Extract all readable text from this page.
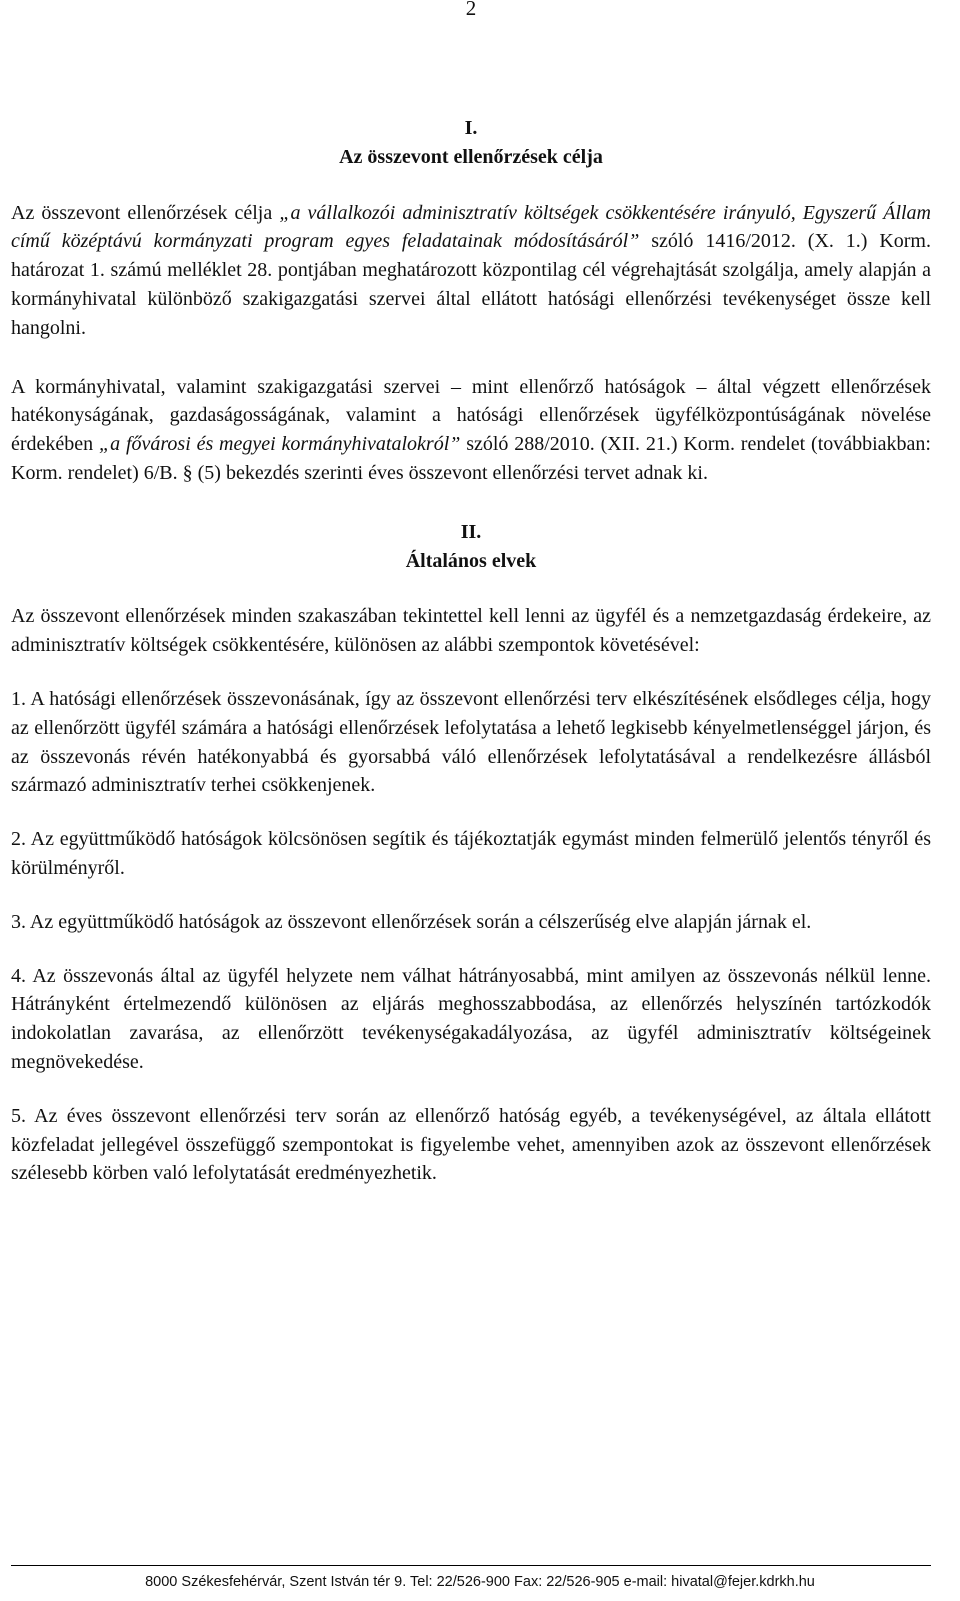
2
I.
Az összevont ellenőrzések célja

Az összevont ellenőrzések célja „a vállalkozói adminisztratív költségek csökkentésére irányuló, Egyszerű Állam című középtávú kormányzati program egyes feladatainak módosításáról” szóló 1416/2012. (X. 1.) Korm. határozat 1. számú melléklet 28. pontjában meghatározott központilag cél végrehajtását szolgálja, amely alapján a kormányhivatal különböző szakigazgatási szervei által ellátott hatósági ellenőrzési tevékenységet össze kell hangolni.

A kormányhivatal, valamint szakigazgatási szervei – mint ellenőrző hatóságok – által végzett ellenőrzések hatékonyságának, gazdaságosságának, valamint a hatósági ellenőrzések ügyfélközpontúságának növelése érdekében „a fővárosi és megyei kormányhivatalokról” szóló 288/2010. (XII. 21.) Korm. rendelet (továbbiakban: Korm. rendelet) 6/B. § (5) bekezdés szerinti éves összevont ellenőrzési tervet adnak ki.

II.
Általános elvek

Az összevont ellenőrzések minden szakaszában tekintettel kell lenni az ügyfél és a nemzetgazdaság érdekeire, az adminisztratív költségek csökkentésére, különösen az alábbi szempontok követésével:

1. A hatósági ellenőrzések összevonásának, így az összevont ellenőrzési terv elkészítésének elsődleges célja, hogy az ellenőrzött ügyfél számára a hatósági ellenőrzések lefolytatása a lehető legkisebb kényelmetlenséggel járjon, és az összevonás révén hatékonyabbá és gyorsabbá váló ellenőrzések lefolytatásával a rendelkezésre állásból származó adminisztratív terhei csökkenjenek.

2. Az együttműködő hatóságok kölcsönösen segítik és tájékoztatják egymást minden felmerülő jelentős tényről és körülményről.

3. Az együttműködő hatóságok az összevont ellenőrzések során a célszerűség elve alapján járnak el.

4. Az összevonás által az ügyfél helyzete nem válhat hátrányosabbá, mint amilyen az összevonás nélkül lenne. Hátrányként értelmezendő különösen az eljárás meghosszabbodása, az ellenőrzés helyszínén tartózkodók indokolatlan zavarása, az ellenőrzött tevékenységakadályozása, az ügyfél adminisztratív költségeinek megnövekedése.

5. Az éves összevont ellenőrzési terv során az ellenőrző hatóság egyéb, a tevékenységével, az általa ellátott közfeladat jellegével összefüggő szempontokat is figyelembe vehet, amennyiben azok az összevont ellenőrzések szélesebb körben való lefolytatását eredményezhetik.

8000 Székesfehérvár, Szent István tér 9. Tel: 22/526-900 Fax: 22/526-905 e-mail: hivatal@fejer.kdrkh.hu
